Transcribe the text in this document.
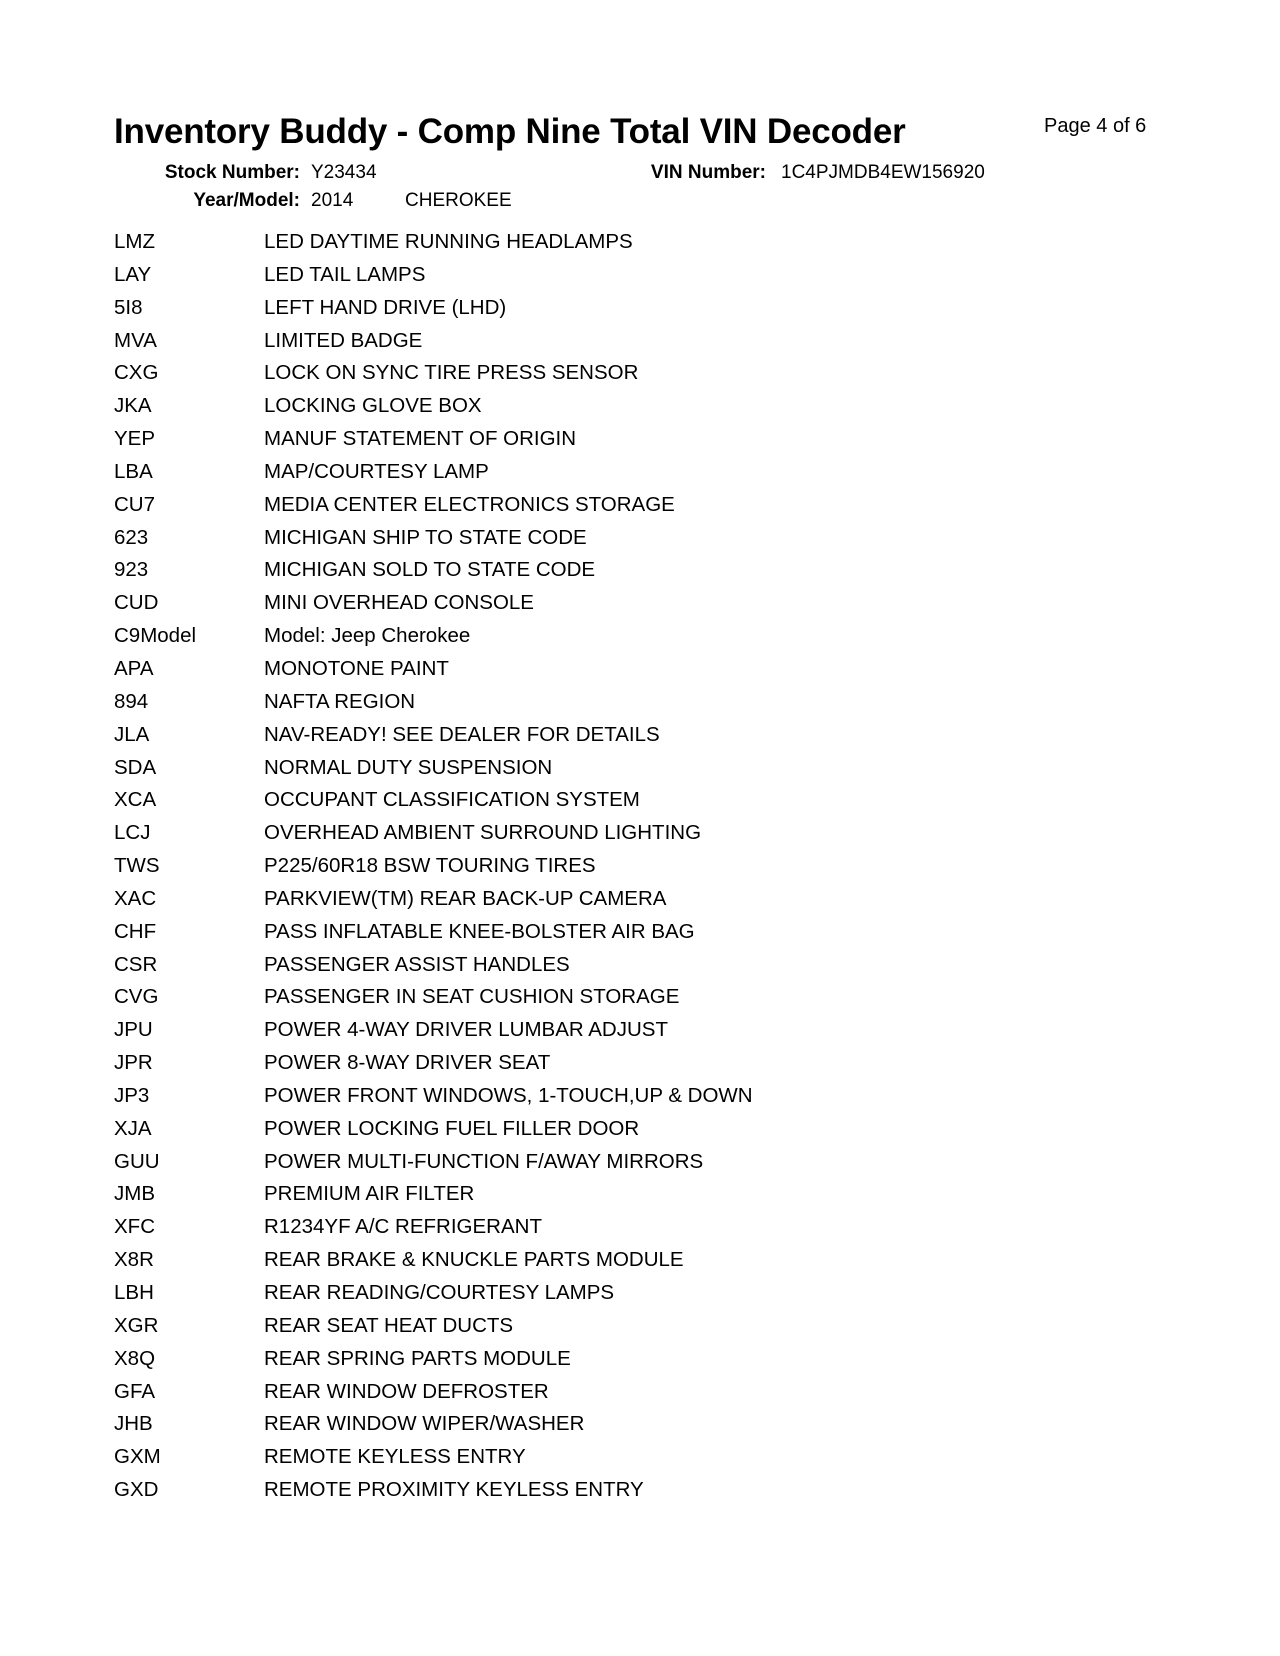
Inventory Buddy - Comp Nine Total VIN Decoder	Page 4 of 6
Stock Number: Y23434	VIN Number: 1C4PJMDB4EW156920
Year/Model: 2014	CHEROKEE
LMZ	LED DAYTIME RUNNING HEADLAMPS
LAY	LED TAIL LAMPS
5I8	LEFT HAND DRIVE (LHD)
MVA	LIMITED BADGE
CXG	LOCK ON SYNC TIRE PRESS SENSOR
JKA	LOCKING GLOVE BOX
YEP	MANUF STATEMENT OF ORIGIN
LBA	MAP/COURTESY LAMP
CU7	MEDIA CENTER ELECTRONICS STORAGE
623	MICHIGAN SHIP TO STATE CODE
923	MICHIGAN SOLD TO STATE CODE
CUD	MINI OVERHEAD CONSOLE
C9Model	Model: Jeep Cherokee
APA	MONOTONE PAINT
894	NAFTA REGION
JLA	NAV-READY! SEE DEALER FOR DETAILS
SDA	NORMAL DUTY SUSPENSION
XCA	OCCUPANT CLASSIFICATION SYSTEM
LCJ	OVERHEAD AMBIENT SURROUND LIGHTING
TWS	P225/60R18 BSW TOURING TIRES
XAC	PARKVIEW(TM) REAR BACK-UP CAMERA
CHF	PASS INFLATABLE KNEE-BOLSTER AIR BAG
CSR	PASSENGER ASSIST HANDLES
CVG	PASSENGER IN SEAT CUSHION STORAGE
JPU	POWER 4-WAY DRIVER LUMBAR ADJUST
JPR	POWER 8-WAY DRIVER SEAT
JP3	POWER FRONT WINDOWS, 1-TOUCH,UP & DOWN
XJA	POWER LOCKING FUEL FILLER DOOR
GUU	POWER MULTI-FUNCTION F/AWAY MIRRORS
JMB	PREMIUM AIR FILTER
XFC	R1234YF A/C REFRIGERANT
X8R	REAR BRAKE & KNUCKLE PARTS MODULE
LBH	REAR READING/COURTESY LAMPS
XGR	REAR SEAT HEAT DUCTS
X8Q	REAR SPRING PARTS MODULE
GFA	REAR WINDOW DEFROSTER
JHB	REAR WINDOW WIPER/WASHER
GXM	REMOTE KEYLESS ENTRY
GXD	REMOTE PROXIMITY KEYLESS ENTRY
